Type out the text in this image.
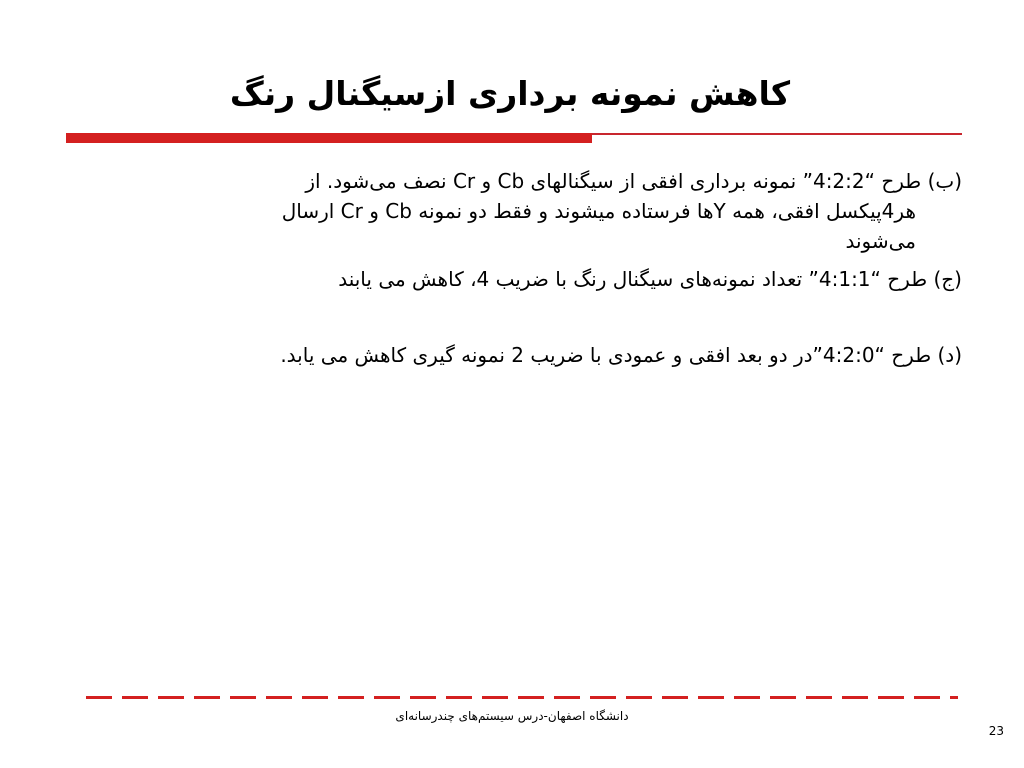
کاهش نمونه برداری ازسیگنال رنگ

(ب) طرح “4:2:2” نمونه برداری افقی از سیگنالهای Cb و Cr نصف می‌شود. از
هر4پیکسل افقی، همه Yها فرستاده میشوند و فقط دو نمونه Cb و Cr ارسال
می‌شوند

(ج) طرح “4:1:1” تعداد نمونه‌های سیگنال رنگ با ضریب 4، کاهش می یابند

(د) طرح “4:2:0”در دو بعد افقی و عمودی با ضریب 2 نمونه گیری کاهش می یابد.

دانشگاه اصفهان-درس سیستم‌های چندرسانه‌ای
23
